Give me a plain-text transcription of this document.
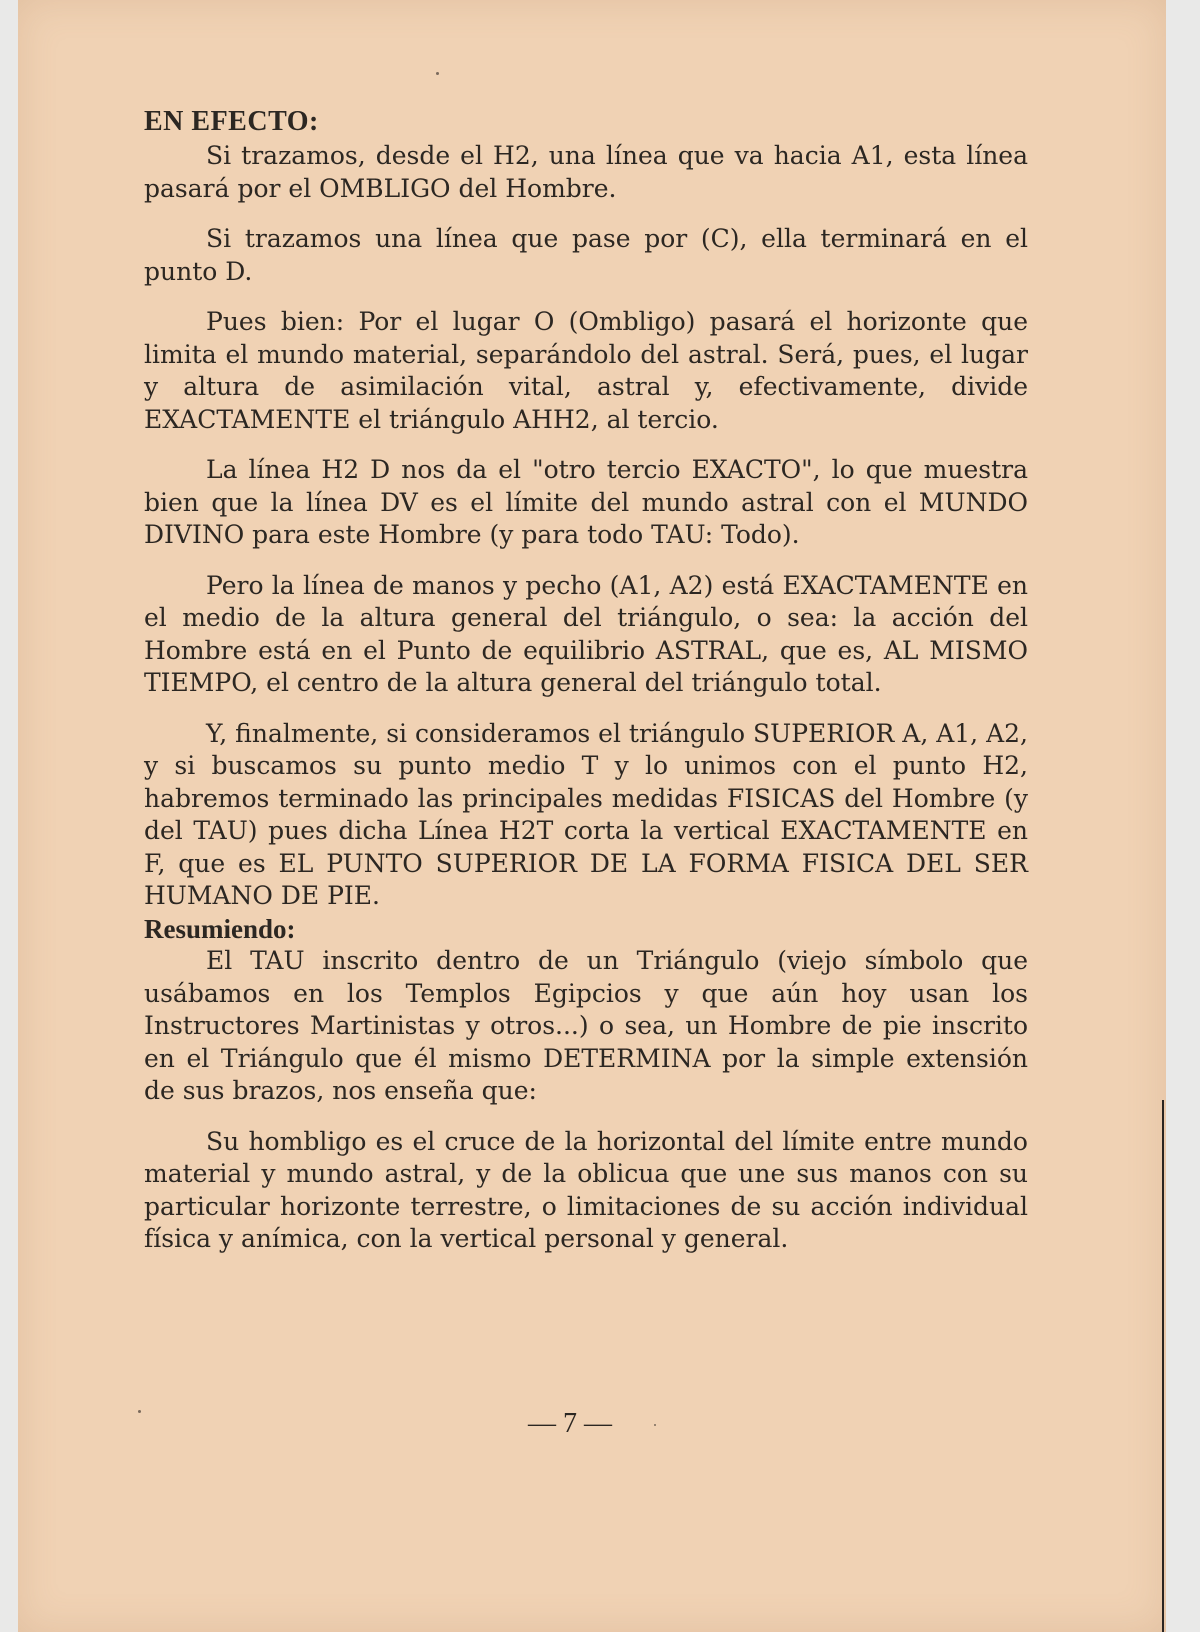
EN EFECTO:

Si trazamos, desde el H2, una línea que va hacia A1, esta línea pasará por el OMBLIGO del Hombre.

Si trazamos una línea que pase por (C), ella terminará en el punto D.

Pues bien: Por el lugar O (Ombligo) pasará el horizonte que limita el mundo material, separándolo del astral. Será, pues, el lugar y altura de asimilación vital, astral y, efectivamente, divide EXACTAMENTE el triángulo AHH2, al tercio.

La línea H2 D nos da el "otro tercio EXACTO", lo que muestra bien que la línea DV es el límite del mundo astral con el MUNDO DIVINO para este Hombre (y para todo TAU: Todo).

Pero la línea de manos y pecho (A1, A2) está EXACTAMENTE en el medio de la altura general del triángulo, o sea: la acción del Hombre está en el Punto de equilibrio ASTRAL, que es, AL MISMO TIEMPO, el centro de la altura general del triángulo total.

Y, finalmente, si consideramos el triángulo SUPERIOR A, A1, A2, y si buscamos su punto medio T y lo unimos con el punto H2, habremos terminado las principales medidas FISICAS del Hombre (y del TAU) pues dicha Línea H2T corta la vertical EXACTAMENTE en F, que es EL PUNTO SUPERIOR DE LA FORMA FISICA DEL SER HUMANO DE PIE.

Resumiendo:

El TAU inscrito dentro de un Triángulo (viejo símbolo que usábamos en los Templos Egipcios y que aún hoy usan los Instructores Martinistas y otros...) o sea, un Hombre de pie inscrito en el Triángulo que él mismo DETERMINA por la simple extensión de sus brazos, nos enseña que:

Su hombligo es el cruce de la horizontal del límite entre mundo material y mundo astral, y de la oblicua que une sus manos con su particular horizonte terrestre, o limitaciones de su acción individual física y anímica, con la vertical personal y general.

— 7 —
